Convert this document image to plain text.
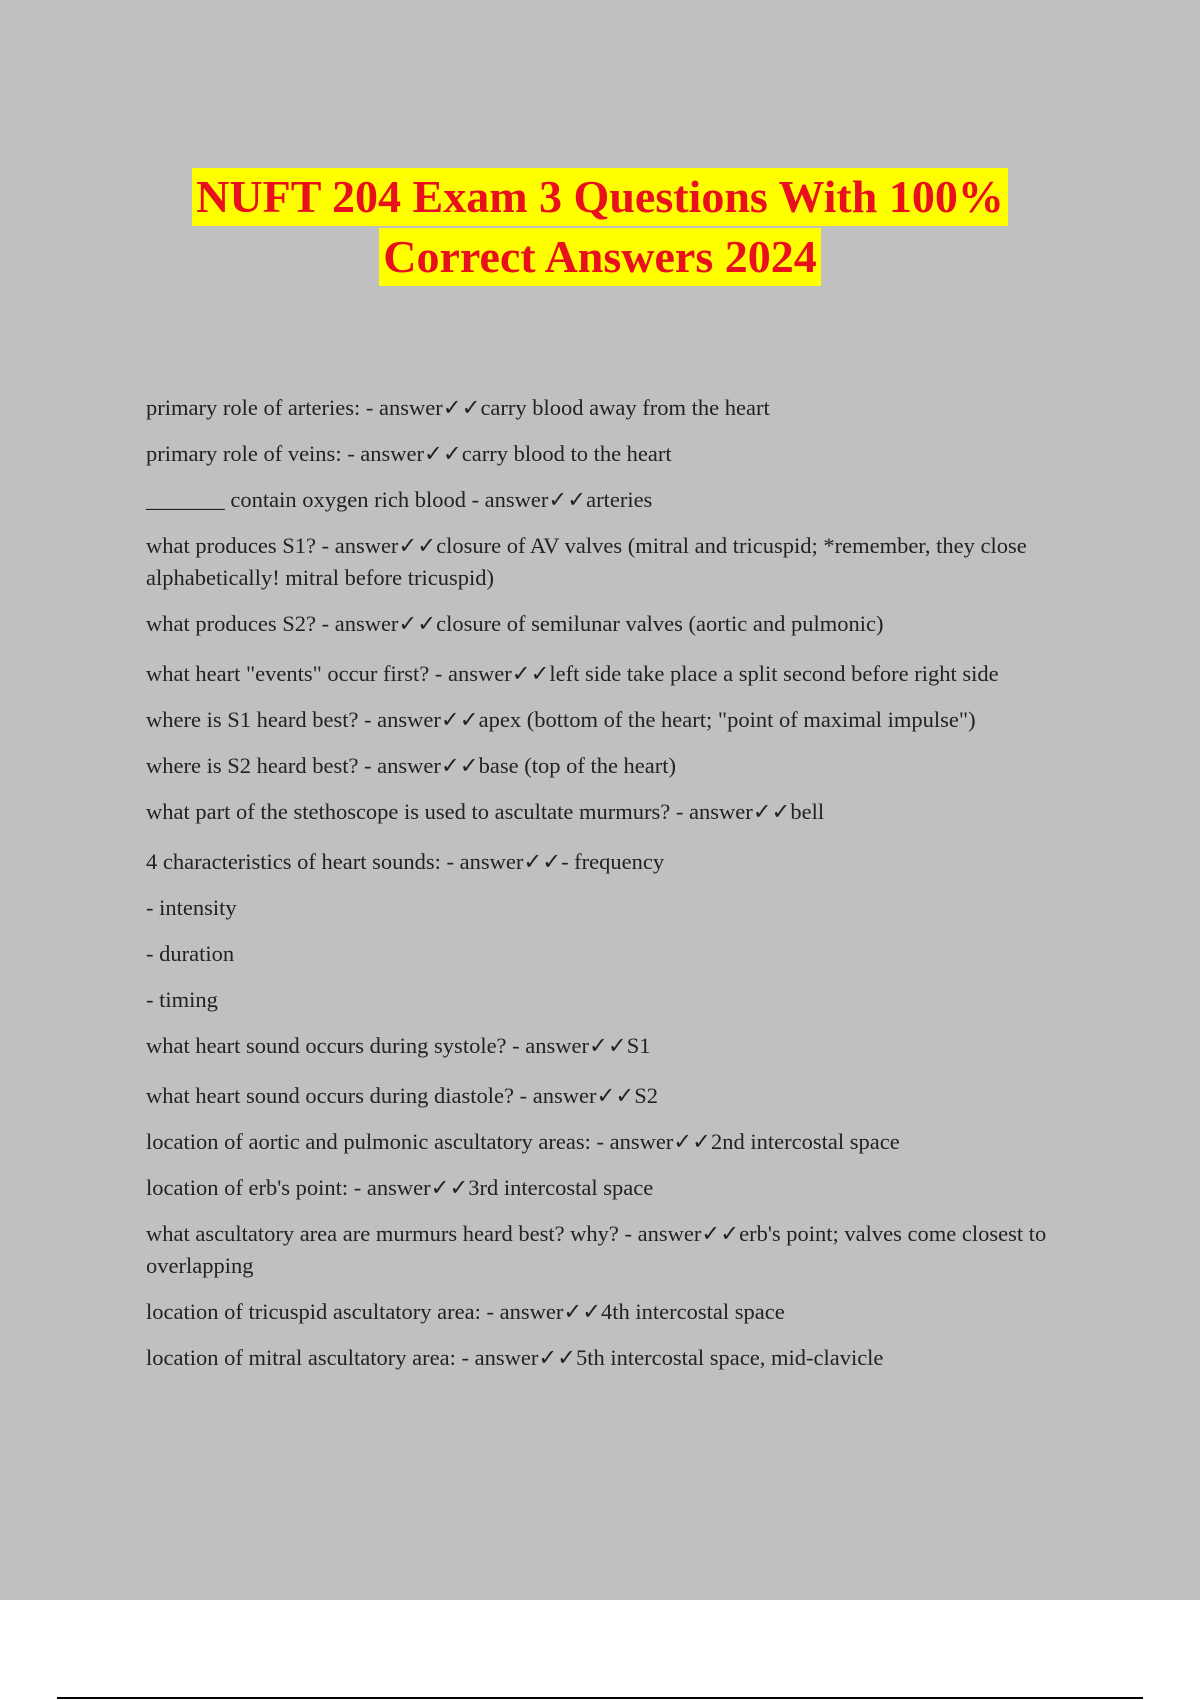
NUFT 204 Exam 3 Questions With 100%
Correct Answers 2024

primary role of arteries: - answer✓✓carry blood away from the heart

primary role of veins: - answer✓✓carry blood to the heart

_______ contain oxygen rich blood - answer✓✓arteries

what produces S1? - answer✓✓closure of AV valves (mitral and tricuspid; *remember, they close alphabetically! mitral before tricuspid)

what produces S2? - answer✓✓closure of semilunar valves (aortic and pulmonic)

what heart "events" occur first? - answer✓✓left side take place a split second before right side

where is S1 heard best? - answer✓✓apex (bottom of the heart; "point of maximal impulse")

where is S2 heard best? - answer✓✓base (top of the heart)

what part of the stethoscope is used to ascultate murmurs? - answer✓✓bell

4 characteristics of heart sounds: - answer✓✓- frequency

- intensity

- duration

- timing

what heart sound occurs during systole? - answer✓✓S1

what heart sound occurs during diastole? - answer✓✓S2

location of aortic and pulmonic ascultatory areas: - answer✓✓2nd intercostal space

location of erb's point: - answer✓✓3rd intercostal space

what ascultatory area are murmurs heard best? why? - answer✓✓erb's point; valves come closest to overlapping

location of tricuspid ascultatory area: - answer✓✓4th intercostal space

location of mitral ascultatory area: - answer✓✓5th intercostal space, mid-clavicle
